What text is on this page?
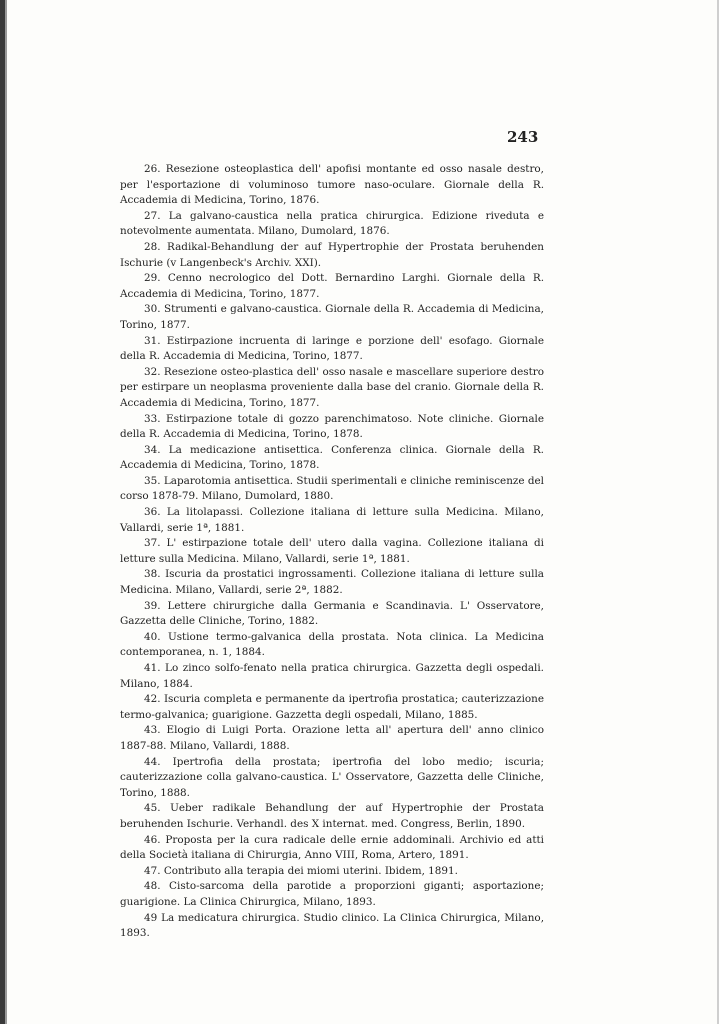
243

26. Resezione osteoplastica dell' apofisi montante ed osso nasale destro, per l'esportazione di voluminoso tumore naso-oculare. Giornale della R. Accademia di Medicina, Torino, 1876.

27. La galvano-caustica nella pratica chirurgica. Edizione riveduta e notevolmente aumentata. Milano, Dumolard, 1876.

28. Radikal-Behandlung der auf Hypertrophie der Prostata beruhenden Ischurie (v Langenbeck's Archiv. XXI).

29. Cenno necrologico del Dott. Bernardino Larghi. Giornale della R. Accademia di Medicina, Torino, 1877.

30. Strumenti e galvano-caustica. Giornale della R. Accademia di Medicina, Torino, 1877.

31. Estirpazione incruenta di laringe e porzione dell' esofago. Giornale della R. Accademia di Medicina, Torino, 1877.

32. Resezione osteo-plastica dell' osso nasale e mascellare superiore destro per estirpare un neoplasma proveniente dalla base del cranio. Giornale della R. Accademia di Medicina, Torino, 1877.

33. Estirpazione totale di gozzo parenchimatoso. Note cliniche. Giornale della R. Accademia di Medicina, Torino, 1878.

34. La medicazione antisettica. Conferenza clinica. Giornale della R. Accademia di Medicina, Torino, 1878.

35. Laparotomia antisettica. Studii sperimentali e cliniche reminiscenze del corso 1878-79. Milano, Dumolard, 1880.

36. La litolapassi. Collezione italiana di letture sulla Medicina. Milano, Vallardi, serie 1ª, 1881.

37. L' estirpazione totale dell' utero dalla vagina. Collezione italiana di letture sulla Medicina. Milano, Vallardi, serie 1ª, 1881.

38. Iscuria da prostatici ingrossamenti. Collezione italiana di letture sulla Medicina. Milano, Vallardi, serie 2ª, 1882.

39. Lettere chirurgiche dalla Germania e Scandinavia. L' Osservatore, Gazzetta delle Cliniche, Torino, 1882.

40. Ustione termo-galvanica della prostata. Nota clinica. La Medicina contemporanea, n. 1, 1884.

41. Lo zinco solfo-fenato nella pratica chirurgica. Gazzetta degli ospedali. Milano, 1884.

42. Iscuria completa e permanente da ipertrofia prostatica; cauterizzazione termo-galvanica; guarigione. Gazzetta degli ospedali, Milano, 1885.

43. Elogio di Luigi Porta. Orazione letta all' apertura dell' anno clinico 1887-88. Milano, Vallardi, 1888.

44. Ipertrofia della prostata; ipertrofia del lobo medio; iscuria; cauterizzazione colla galvano-caustica. L' Osservatore, Gazzetta delle Cliniche, Torino, 1888.

45. Ueber radikale Behandlung der auf Hypertrophie der Prostata beruhenden Ischurie. Verhandl. des X internat. med. Congress, Berlin, 1890.

46. Proposta per la cura radicale delle ernie addominali. Archivio ed atti della Società italiana di Chirurgia, Anno VIII, Roma, Artero, 1891.

47. Contributo alla terapia dei miomi uterini. Ibidem, 1891.

48. Cisto-sarcoma della parotide a proporzioni giganti; asportazione; guarigione. La Clinica Chirurgica, Milano, 1893.

49 La medicatura chirurgica. Studio clinico. La Clinica Chirurgica, Milano, 1893.
